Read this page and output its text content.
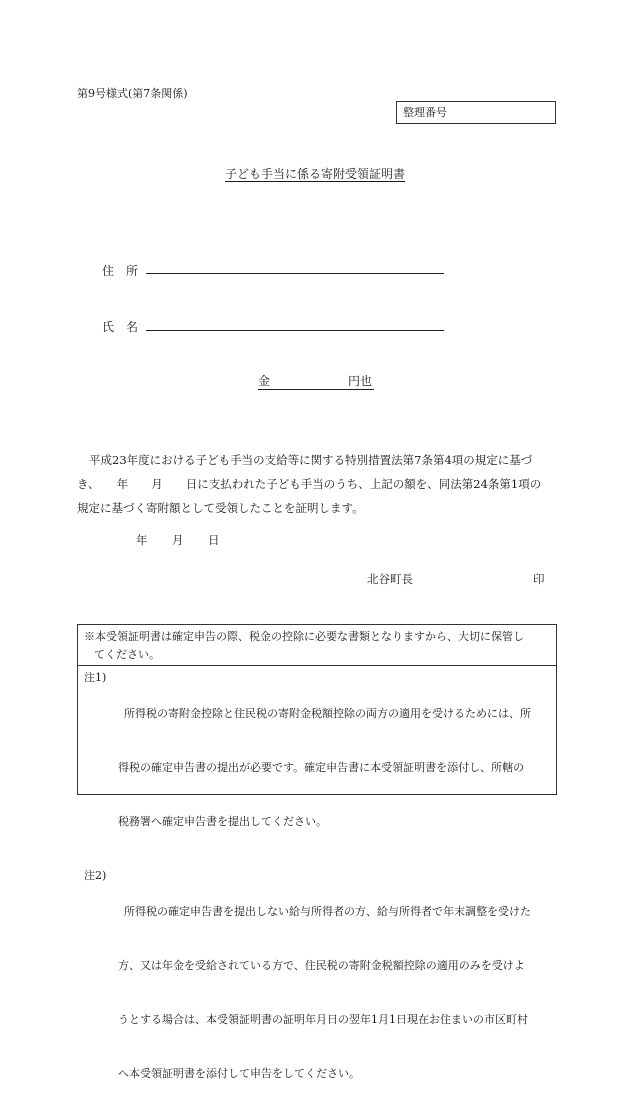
第9号様式(第7条関係)
整理番号
子ども手当に係る寄附受領証明書
住　所
氏　名
金	円也
平成23年度における子ども手当の支給等に関する特別措置法第7条第4項の規定に基づ
き、　　年　　月　　日に支払われた子ども手当のうち、上記の額を、同法第24条第1項の
規定に基づく寄附額として受領したことを証明します。
年 月 日
北谷町長	印
※本受領証明書は確定申告の際、税金の控除に必要な書類となりますから、大切に保管し
てください。
注1)

所得税の寄附金控除と住民税の寄附金税額控除の両方の適用を受けるためには、所

得税の確定申告書の提出が必要です。確定申告書に本受領証明書を添付し、所轄の

税務署へ確定申告書を提出してください。

注2)

所得税の確定申告書を提出しない給与所得者の方、給与所得者で年末調整を受けた

方、又は年金を受給されている方で、住民税の寄附金税額控除の適用のみを受けよ

うとする場合は、本受領証明書の証明年月日の翌年1月1日現在お住まいの市区町村

へ本受領証明書を添付して申告をしてください。
